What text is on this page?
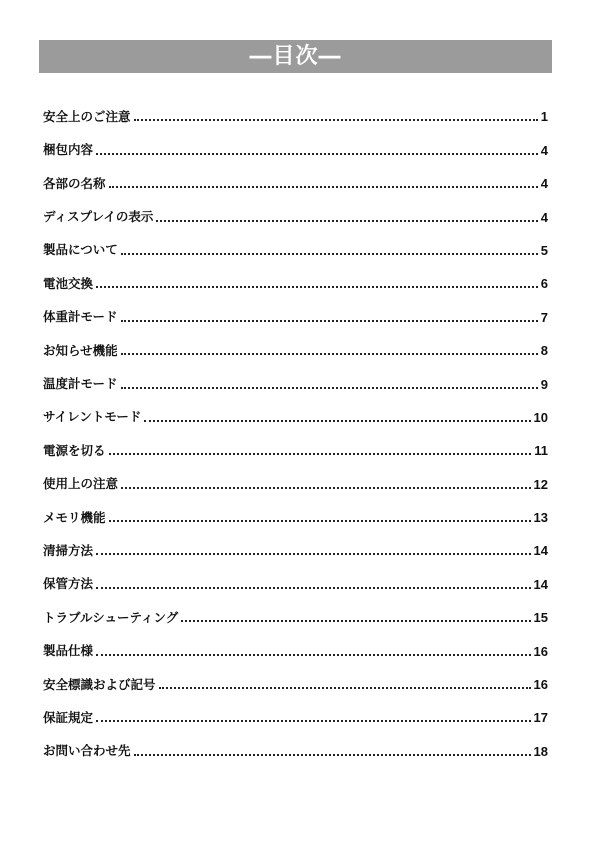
―目次―
安全上のご注意	1
梱包内容	4
各部の名称	4
ディスプレイの表示	4
製品について	5
電池交換	6
体重計モード	7
お知らせ機能	8
温度計モード	9
サイレントモード	10
電源を切る	11
使用上の注意	12
メモリ機能	13
清掃方法	14
保管方法	14
トラブルシューティング	15
製品仕様	16
安全標識および記号	16
保証規定	17
お問い合わせ先	18
